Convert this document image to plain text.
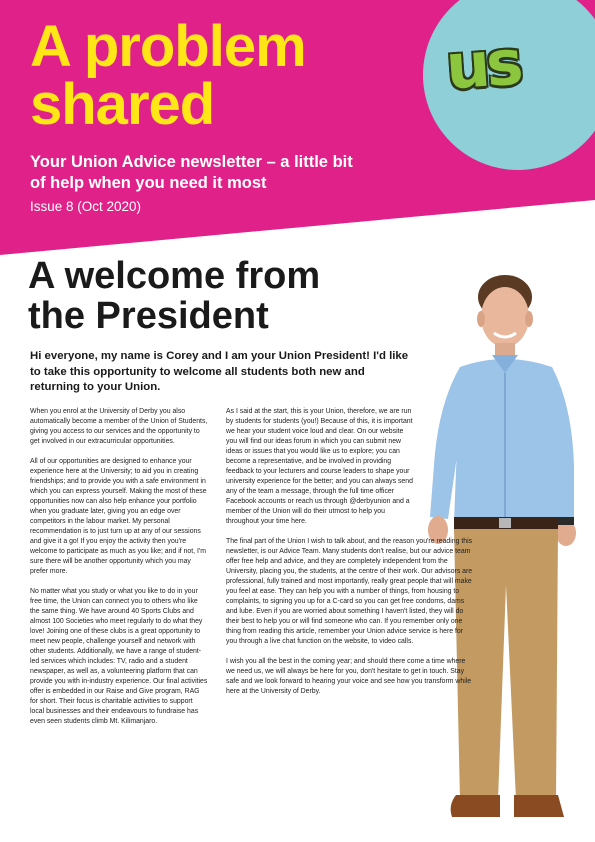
us
A problem
shared

Your Union Advice newsletter – a little bit of help when you need it most

Issue 8 (Oct 2020)

A welcome from
the President

Hi everyone, my name is Corey and I am your Union President! I'd like to take this opportunity to welcome all students both new and returning to your Union.

When you enrol at the University of Derby you also automatically become a member of the Union of Students, giving you access to our services and the opportunity to get involved in our extracurricular opportunities.

All of our opportunities are designed to enhance your experience here at the University; to aid you in creating friendships; and to provide you with a safe environment in which you can express yourself. Making the most of these opportunities now can also help enhance your portfolio when you graduate later, giving you an edge over competitors in the labour market. My personal recommendation is to just turn up at any of our sessions and give it a go! If you enjoy the activity then you're welcome to participate as much as you like; and if not, I'm sure there will be another opportunity which you may prefer more.

No matter what you study or what you like to do in your free time, the Union can connect you to others who like the same thing. We have around 40 Sports Clubs and almost 100 Societies who meet regularly to do what they love! Joining one of these clubs is a great opportunity to meet new people, challenge yourself and network with other students. Additionally, we have a range of student-led services which includes: TV, radio and a student newspaper, as well as, a volunteering platform that can provide you with in-industry experience. Our final activities offer is embedded in our Raise and Give program, RAG for short. Their focus is charitable activities to support local businesses and their endeavours to fundraise has even seen students climb Mt. Kilimanjaro.

As I said at the start, this is your Union, therefore, we are run by students for students (you!) Because of this, it is important we hear your student voice loud and clear. On our website you will find our ideas forum in which you can submit new ideas or issues that you would like us to explore; you can become a representative, and be involved in providing feedback to your lecturers and course leaders to shape your university experience for the better; and you can always send any of the team a message, through the full time officer Facebook accounts or reach us through @derbyunion and a member of the Union will do their utmost to help you throughout your time here.

The final part of the Union I wish to talk about, and the reason you're reading this newsletter, is our Advice Team. Many students don't realise, but our advice team offer free help and advice, and they are completely independent from the University, placing you, the students, at the centre of their work. Our advisors are professional, fully trained and most importantly, really great people that will make you feel at ease. They can help you with a number of things, from housing to complaints, to signing you up for a C-card so you can get free condoms, dams and lube. Even if you are worried about something I haven't listed, they will do their best to help you or will find someone who can. If you remember only one thing from reading this article, remember your Union advice service is here for you through a live chat function on the website, to video calls.

I wish you all the best in the coming year; and should there come a time where we need us, we will always be here for you, don't hesitate to get in touch. Stay safe and we look forward to hearing your voice and see how you transform while here at the University of Derby.
